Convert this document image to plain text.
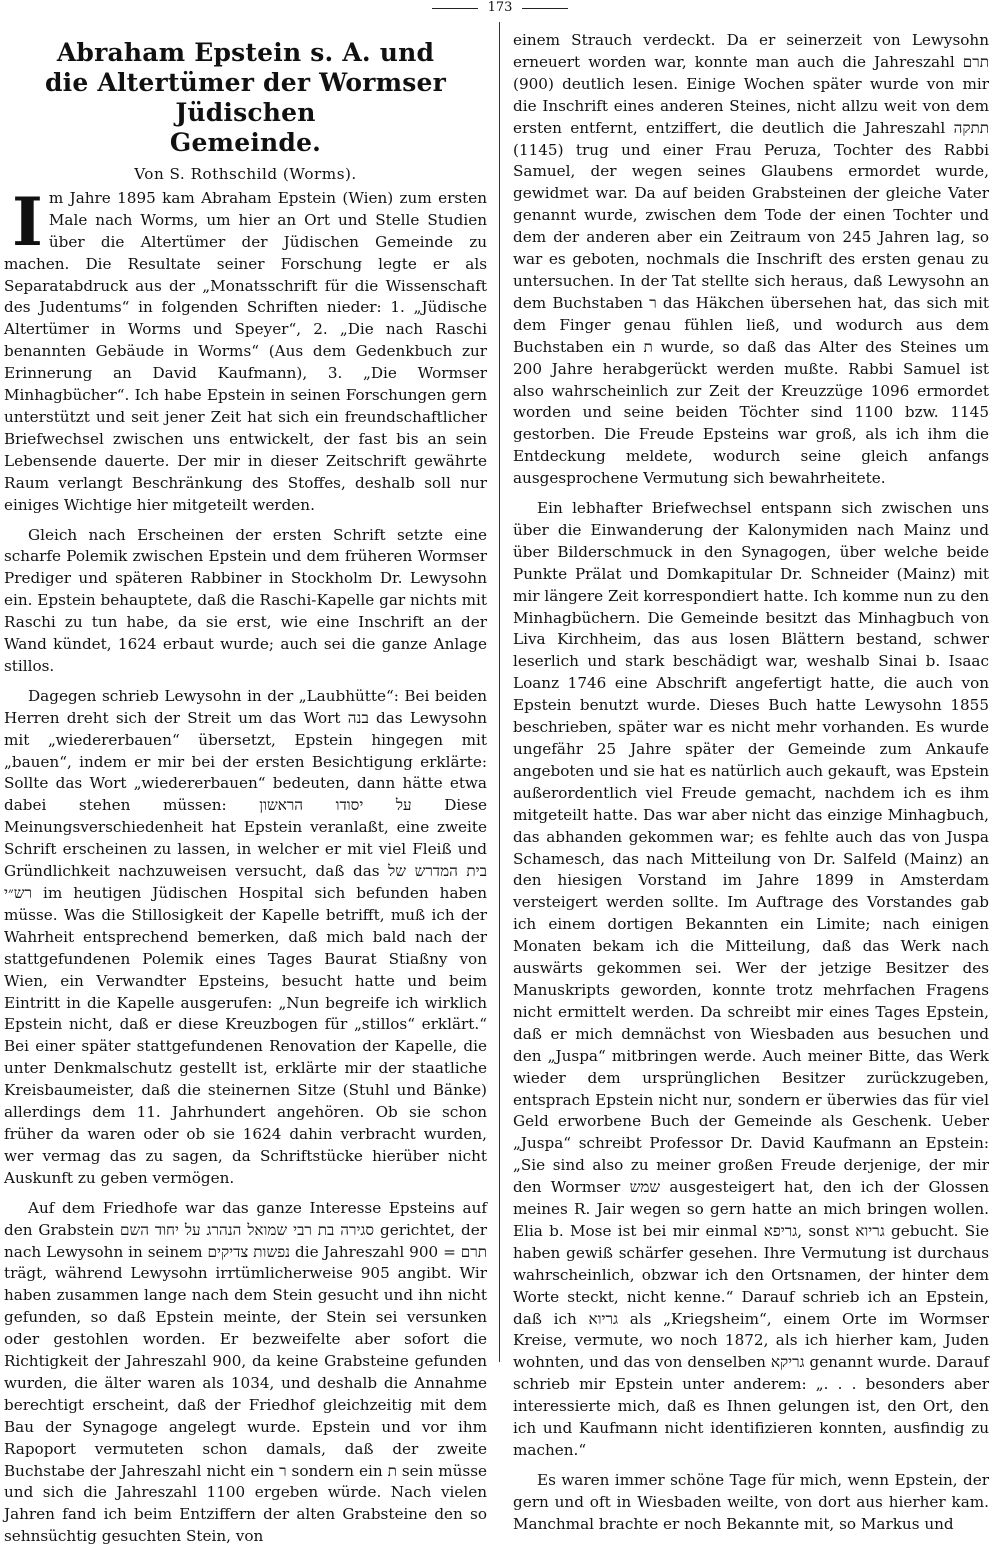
173
Abraham Epstein s. A. und
die Altertümer der Wormser Jüdischen
Gemeinde.
Von S. Rothschild (Worms).

Im Jahre 1895 kam Abraham Epstein (Wien) zum ersten Male nach Worms, um hier an Ort und Stelle Studien über die Altertümer der Jüdischen Gemeinde zu machen. Die Resultate seiner Forschung legte er als Separatabdruck aus der „Monatsschrift für die Wissenschaft des Judentums“ in folgenden Schriften nieder: 1. „Jüdische Altertümer in Worms und Speyer“, 2. „Die nach Raschi benannten Gebäude in Worms“ (Aus dem Gedenkbuch zur Erinnerung an David Kaufmann), 3. „Die Wormser Minhagbücher“. Ich habe Epstein in seinen Forschungen gern unterstützt und seit jener Zeit hat sich ein freundschaftlicher Briefwechsel zwischen uns entwickelt, der fast bis an sein Lebensende dauerte. Der mir in dieser Zeitschrift gewährte Raum verlangt Beschränkung des Stoffes, deshalb soll nur einiges Wichtige hier mitgeteilt werden.

Gleich nach Erscheinen der ersten Schrift setzte eine scharfe Polemik zwischen Epstein und dem früheren Wormser Prediger und späteren Rabbiner in Stockholm Dr. Lewysohn ein. Epstein behauptete, daß die Raschi-Kapelle gar nichts mit Raschi zu tun habe, da sie erst, wie eine Inschrift an der Wand kündet, 1624 erbaut wurde; auch sei die ganze Anlage stillos.

Dagegen schrieb Lewysohn in der „Laubhütte“: Bei beiden Herren dreht sich der Streit um das Wort בנה das Lewysohn mit „wiedererbauen“ übersetzt, Epstein hingegen mit „bauen“, indem er mir bei der ersten Besichtigung erklärte: Sollte das Wort „wiedererbauen“ bedeuten, dann hätte etwa dabei stehen müssen: על יסודו הראשון Diese Meinungsverschiedenheit hat Epstein veranlaßt, eine zweite Schrift erscheinen zu lassen, in welcher er mit viel Fleiß und Gründlichkeit nachzuweisen versucht, daß das בית המדרש של רש״י im heutigen Jüdischen Hospital sich befunden haben müsse. Was die Stillosigkeit der Kapelle betrifft, muß ich der Wahrheit entsprechend bemerken, daß mich bald nach der stattgefundenen Polemik eines Tages Baurat Stiaßny von Wien, ein Verwandter Epsteins, besucht hatte und beim Eintritt in die Kapelle ausgerufen: „Nun begreife ich wirklich Epstein nicht, daß er diese Kreuzbogen für „stillos“ erklärt.“ Bei einer später stattgefundenen Renovation der Kapelle, die unter Denkmalschutz gestellt ist, erklärte mir der staatliche Kreisbaumeister, daß die steinernen Sitze (Stuhl und Bänke) allerdings dem 11. Jahrhundert angehören. Ob sie schon früher da waren oder ob sie 1624 dahin verbracht wurden, wer vermag das zu sagen, da Schriftstücke hierüber nicht Auskunft zu geben vermögen.

Auf dem Friedhofe war das ganze Interesse Epsteins auf den Grabstein סגירה בת רבי שמואל הנהרג על יחוד השם gerichtet, der nach Lewysohn in seinem נפשות צדיקים die Jahreszahl תרם = 900 trägt, während Lewysohn irrtümlicherweise 905 angibt. Wir haben zusammen lange nach dem Stein gesucht und ihn nicht gefunden, so daß Epstein meinte, der Stein sei versunken oder gestohlen worden. Er bezweifelte aber sofort die Richtigkeit der Jahreszahl 900, da keine Grabsteine gefunden wurden, die älter waren als 1034, und deshalb die Annahme berechtigt erscheint, daß der Friedhof gleichzeitig mit dem Bau der Synagoge angelegt wurde. Epstein und vor ihm Rapoport vermuteten schon damals, daß der zweite Buchstabe der Jahreszahl nicht ein ר sondern ein ת sein müsse und sich die Jahreszahl 1100 ergeben würde. Nach vielen Jahren fand ich beim Entziffern der alten Grabsteine den so sehnsüchtig gesuchten Stein, von

einem Strauch verdeckt. Da er seinerzeit von Lewysohn erneuert worden war, konnte man auch die Jahreszahl תרם (900) deutlich lesen. Einige Wochen später wurde von mir die Inschrift eines anderen Steines, nicht allzu weit von dem ersten entfernt, entziffert, die deutlich die Jahreszahl תתקה (1145) trug und einer Frau Peruza, Tochter des Rabbi Samuel, der wegen seines Glaubens ermordet wurde, gewidmet war. Da auf beiden Grabsteinen der gleiche Vater genannt wurde, zwischen dem Tode der einen Tochter und dem der anderen aber ein Zeitraum von 245 Jahren lag, so war es geboten, nochmals die Inschrift des ersten genau zu untersuchen. In der Tat stellte sich heraus, daß Lewysohn an dem Buchstaben ר das Häkchen übersehen hat, das sich mit dem Finger genau fühlen ließ, und wodurch aus dem Buchstaben ein ת wurde, so daß das Alter des Steines um 200 Jahre herabgerückt werden mußte. Rabbi Samuel ist also wahrscheinlich zur Zeit der Kreuzzüge 1096 ermordet worden und seine beiden Töchter sind 1100 bzw. 1145 gestorben. Die Freude Epsteins war groß, als ich ihm die Entdeckung meldete, wodurch seine gleich anfangs ausgesprochene Vermutung sich bewahrheitete.

Ein lebhafter Briefwechsel entspann sich zwischen uns über die Einwanderung der Kalonymiden nach Mainz und über Bilderschmuck in den Synagogen, über welche beide Punkte Prälat und Domkapitular Dr. Schneider (Mainz) mit mir längere Zeit korrespondiert hatte. Ich komme nun zu den Minhagbüchern. Die Gemeinde besitzt das Minhagbuch von Liva Kirchheim, das aus losen Blättern bestand, schwer leserlich und stark beschädigt war, weshalb Sinai b. Isaac Loanz 1746 eine Abschrift angefertigt hatte, die auch von Epstein benutzt wurde. Dieses Buch hatte Lewysohn 1855 beschrieben, später war es nicht mehr vorhanden. Es wurde ungefähr 25 Jahre später der Gemeinde zum Ankaufe angeboten und sie hat es natürlich auch gekauft, was Epstein außerordentlich viel Freude gemacht, nachdem ich es ihm mitgeteilt hatte. Das war aber nicht das einzige Minhagbuch, das abhanden gekommen war; es fehlte auch das von Juspa Schamesch, das nach Mitteilung von Dr. Salfeld (Mainz) an den hiesigen Vorstand im Jahre 1899 in Amsterdam versteigert werden sollte. Im Auftrage des Vorstandes gab ich einem dortigen Bekannten ein Limite; nach einigen Monaten bekam ich die Mitteilung, daß das Werk nach auswärts gekommen sei. Wer der jetzige Besitzer des Manuskripts geworden, konnte trotz mehrfachen Fragens nicht ermittelt werden. Da schreibt mir eines Tages Epstein, daß er mich demnächst von Wiesbaden aus besuchen und den „Juspa“ mitbringen werde. Auch meiner Bitte, das Werk wieder dem ursprünglichen Besitzer zurückzugeben, entsprach Epstein nicht nur, sondern er überwies das für viel Geld erworbene Buch der Gemeinde als Geschenk. Ueber „Juspa“ schreibt Professor Dr. David Kaufmann an Epstein: „Sie sind also zu meiner großen Freude derjenige, der mir den Wormser שמש ausgesteigert hat, den ich der Glossen meines R. Jair wegen so gern hatte an mich bringen wollen. Elia b. Mose ist bei mir einmal גריפא, sonst גריוא gebucht. Sie haben gewiß schärfer gesehen. Ihre Vermutung ist durchaus wahrscheinlich, obzwar ich den Ortsnamen, der hinter dem Worte steckt, nicht kenne.“ Darauf schrieb ich an Epstein, daß ich גריוא als „Kriegsheim“, einem Orte im Wormser Kreise, vermute, wo noch 1872, als ich hierher kam, Juden wohnten, und das von denselben גריקא genannt wurde. Darauf schrieb mir Epstein unter anderem: „. . . besonders aber interessierte mich, daß es Ihnen gelungen ist, den Ort, den ich und Kaufmann nicht identifizieren konnten, ausfindig zu machen.“

Es waren immer schöne Tage für mich, wenn Epstein, der gern und oft in Wiesbaden weilte, von dort aus hierher kam. Manchmal brachte er noch Bekannte mit, so Markus und
